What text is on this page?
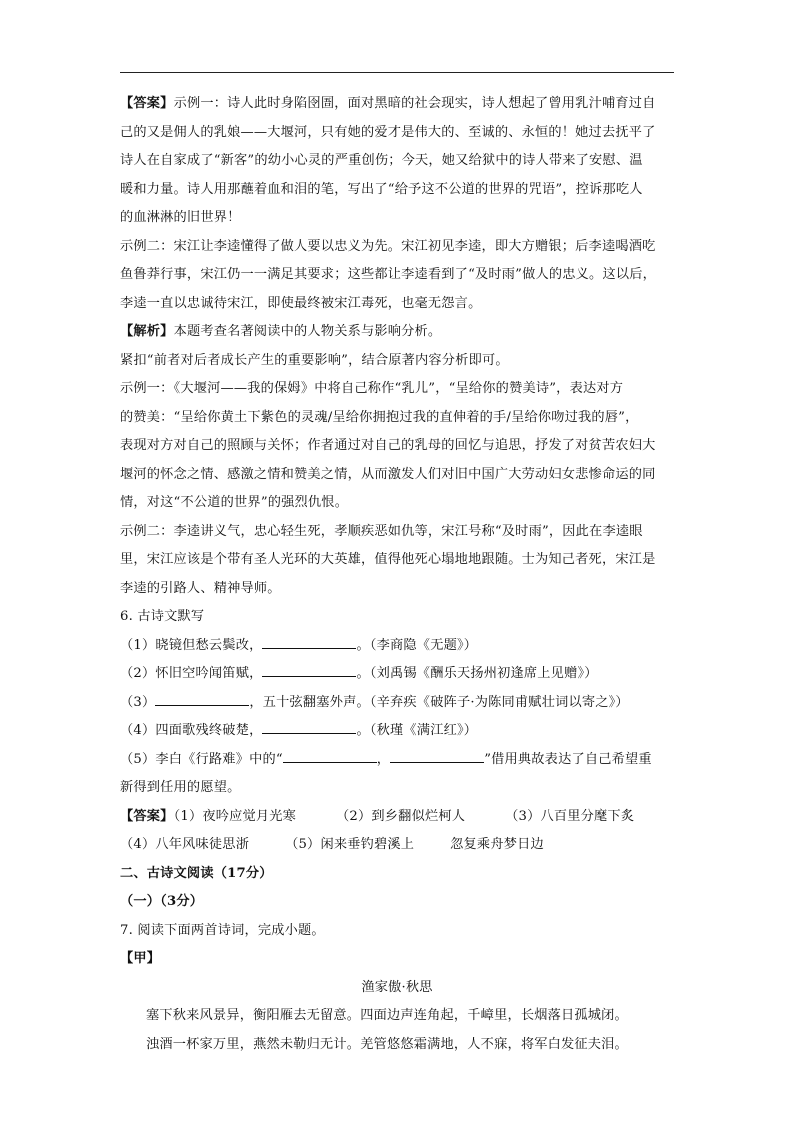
【答案】示例一：诗人此时身陷囹圄，面对黑暗的社会现实，诗人想起了曾用乳汁哺育过自
己的又是佣人的乳娘——大堰河，只有她的爱才是伟大的、至诚的、永恒的！她过去抚平了
诗人在自家成了“新客”的幼小心灵的严重创伤；今天，她又给狱中的诗人带来了安慰、温
暖和力量。诗人用那蘸着血和泪的笔，写出了“给予这不公道的世界的咒语”，控诉那吃人
的血淋淋的旧世界！
示例二：宋江让李逵懂得了做人要以忠义为先。宋江初见李逵，即大方赠银；后李逵喝酒吃
鱼鲁莽行事，宋江仍一一满足其要求；这些都让李逵看到了“及时雨”做人的忠义。这以后，
李逵一直以忠诚待宋江，即使最终被宋江毒死，也毫无怨言。
【解析】本题考查名著阅读中的人物关系与影响分析。
紧扣“前者对后者成长产生的重要影响”，结合原著内容分析即可。
示例一：《大堰河——我的保姆》中将自己称作“乳儿”，“呈给你的赞美诗”，表达对方
的赞美：“呈给你黄土下紫色的灵魂/呈给你拥抱过我的直伸着的手/呈给你吻过我的唇”，
表现对方对自己的照顾与关怀；作者通过对自己的乳母的回忆与追思，抒发了对贫苦农妇大
堰河的怀念之情、感激之情和赞美之情，从而激发人们对旧中国广大劳动妇女悲惨命运的同
情，对这“不公道的世界”的强烈仇恨。
示例二：李逵讲义气，忠心轻生死，孝顺疾恶如仇等，宋江号称“及时雨”，因此在李逵眼
里，宋江应该是个带有圣人光环的大英雄，值得他死心塌地地跟随。士为知己者死，宋江是
李逵的引路人、精神导师。
6. 古诗文默写
（1）晓镜但愁云鬓改，	。（李商隐《无题》）
（2）怀旧空吟闻笛赋，	。（刘禹锡《酬乐天扬州初逢席上见赠》）
（3）	，五十弦翻塞外声。（辛弃疾《破阵子·为陈同甫赋壮词以寄之》）
（4）四面歌残终破楚，	。（秋瑾《满江红》）
（5）李白《行路难》中的“	，	”借用典故表达了自己希望重
新得到任用的愿望。
【答案】（1）夜吟应觉月光寒	（2）到乡翻似烂柯人	（3）八百里分麾下炙
（4）八年风味徒思浙	（5）闲来垂钓碧溪上	忽复乘舟梦日边
二、古诗文阅读（17分）
（一）（3分）
7. 阅读下面两首诗词，完成小题。
【甲】
渔家傲·秋思
塞下秋来风景异，衡阳雁去无留意。四面边声连角起，千嶂里，长烟落日孤城闭。
浊酒一杯家万里，燕然未勒归无计。羌管悠悠霜满地，人不寐，将军白发征夫泪。
